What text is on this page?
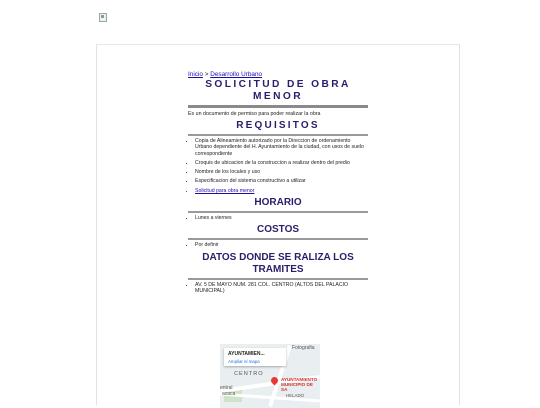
Inicio > Desarrollo Urbano
SOLICITUD DE OBRA
MENOR
Es un documento de permiso para poder realizar la obra
REQUISITOS
• Copia de Alineamiento autorizado por la Direccion de ordenamiento Urbano dependiente del H. Ayuntamiento de la ciudad, con usos de suelo correspondiente
• Croquis de ubicacion de la construccion a realizar dentro del predio
• Nombre de los locales y uso
• Especificacion del sistema constructivo a utilizar
• Solicitud para obra menor
HORARIO
• Lunes a viernes
COSTOS
• Por definir
DATOS DONDE SE RALIZA LOS
TRAMITES
• AV. 5 DE MAYO NUM. 281 COL. CENTRO (ALTOS DEL PALACIO MUNICIPAL)
Fotografia
CENTRO
entral
axaca	HELADO
AYUNTAMIENTO
MUNICIPIO DE SA
AYUNTAMIEN...
Ampliar el mapa
